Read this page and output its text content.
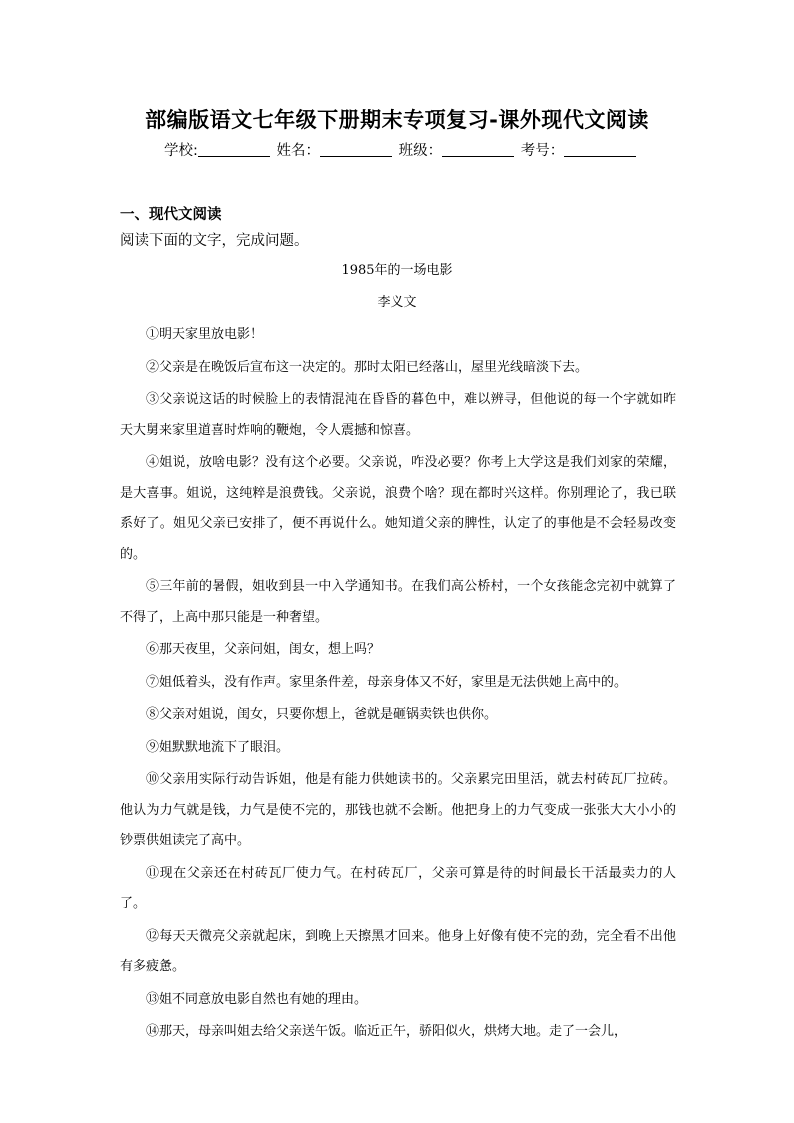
部编版语文七年级下册期末专项复习-课外现代文阅读
学校:	姓名：	班级：	考号：
一、现代文阅读
阅读下面的文字，完成问题。
1985年的一场电影
李义文

①明天家里放电影！

②父亲是在晚饭后宣布这一决定的。那时太阳已经落山，屋里光线暗淡下去。

③父亲说这话的时候脸上的表情混沌在昏昏的暮色中，难以辨寻，但他说的每一个字就如昨天大舅来家里道喜时炸响的鞭炮，令人震撼和惊喜。

④姐说，放啥电影？没有这个必要。父亲说，咋没必要？你考上大学这是我们刘家的荣耀，是大喜事。姐说，这纯粹是浪费钱。父亲说，浪费个啥？现在都时兴这样。你别理论了，我已联系好了。姐见父亲已安排了，便不再说什么。她知道父亲的脾性，认定了的事他是不会轻易改变的。

⑤三年前的暑假，姐收到县一中入学通知书。在我们高公桥村，一个女孩能念完初中就算了不得了，上高中那只能是一种奢望。

⑥那天夜里，父亲问姐，闺女，想上吗？

⑦姐低着头，没有作声。家里条件差，母亲身体又不好，家里是无法供她上高中的。

⑧父亲对姐说，闺女，只要你想上，爸就是砸锅卖铁也供你。

⑨姐默默地流下了眼泪。

⑩父亲用实际行动告诉姐，他是有能力供她读书的。父亲累完田里活，就去村砖瓦厂拉砖。他认为力气就是钱，力气是使不完的，那钱也就不会断。他把身上的力气变成一张张大大小小的钞票供姐读完了高中。

⑪现在父亲还在村砖瓦厂使力气。在村砖瓦厂，父亲可算是待的时间最长干活最卖力的人了。

⑫每天天微亮父亲就起床，到晚上天擦黑才回来。他身上好像有使不完的劲，完全看不出他有多疲惫。

⑬姐不同意放电影自然也有她的理由。

⑭那天，母亲叫姐去给父亲送午饭。临近正午，骄阳似火，烘烤大地。走了一会儿，
